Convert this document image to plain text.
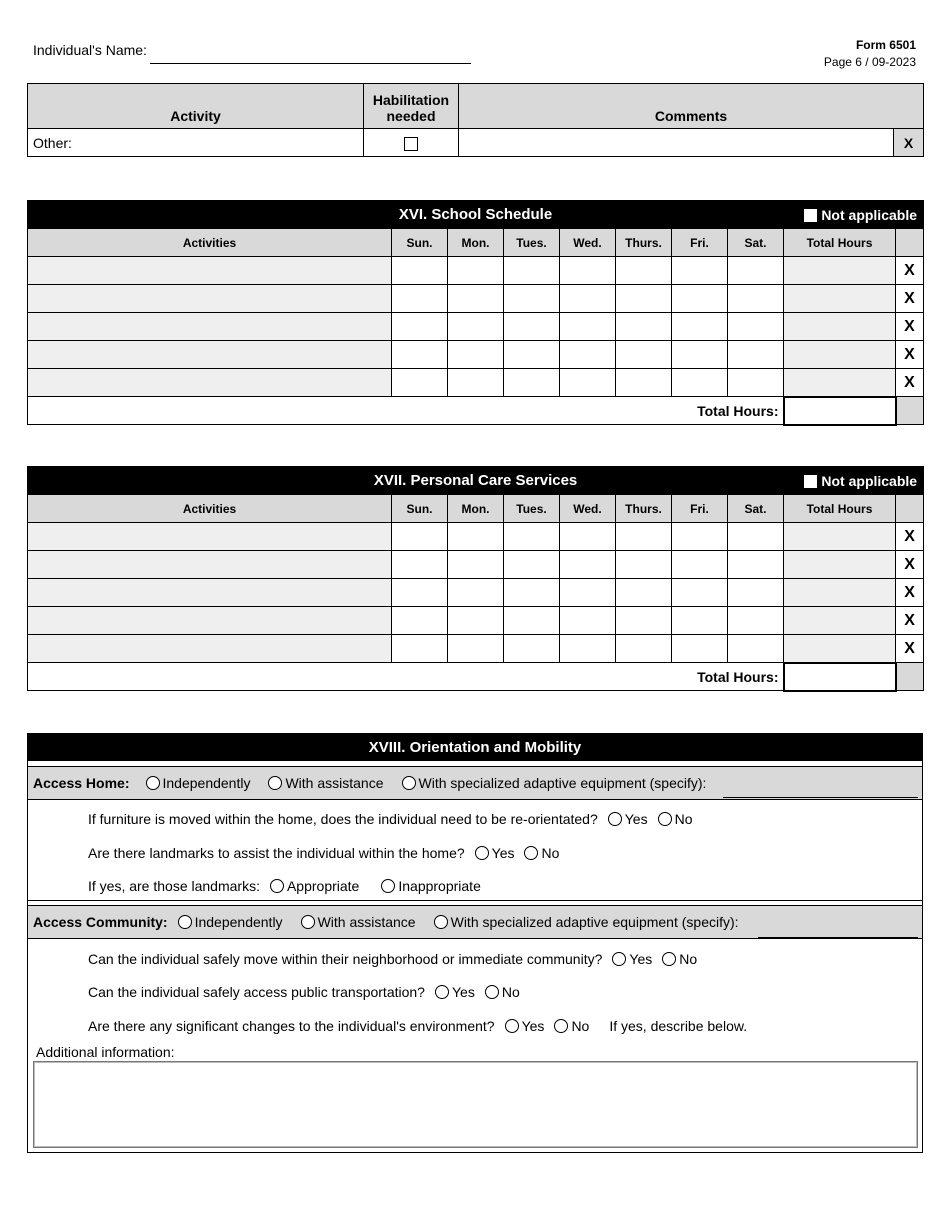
Individual's Name:	Form 6501
Page 6 / 09-2023
Activity	Habilitation needed	Comments	
Other:			X
XVI. School Schedule Not applicable									

Activities	Sun.	Mon.	Tues.	Wed.	Thurs.	Fri.	Sat.	Total Hours	
									X
									X
									X
									X
									X
Total Hours:									
XVII. Personal Care Services Not applicable									

Activities	Sun.	Mon.	Tues.	Wed.	Thurs.	Fri.	Sat.	Total Hours	
									X
									X
									X
									X
									X
Total Hours:									
XVIII. Orientation and Mobility
Access Home: Independently	With assistance	With specialized adaptive equipment (specify):
If furniture is moved within the home, does the individual need to be re-orientated? Yes No
Are there landmarks to assist the individual within the home? Yes No
If yes, are those landmarks: Appropriate	Inappropriate
Access Community: Independently	With assistance	With specialized adaptive equipment (specify):
Can the individual safely move within their neighborhood or immediate community? Yes No
Can the individual safely access public transportation? Yes No
Are there any significant changes to the individual's environment? Yes No If yes, describe below.
Additional information:
